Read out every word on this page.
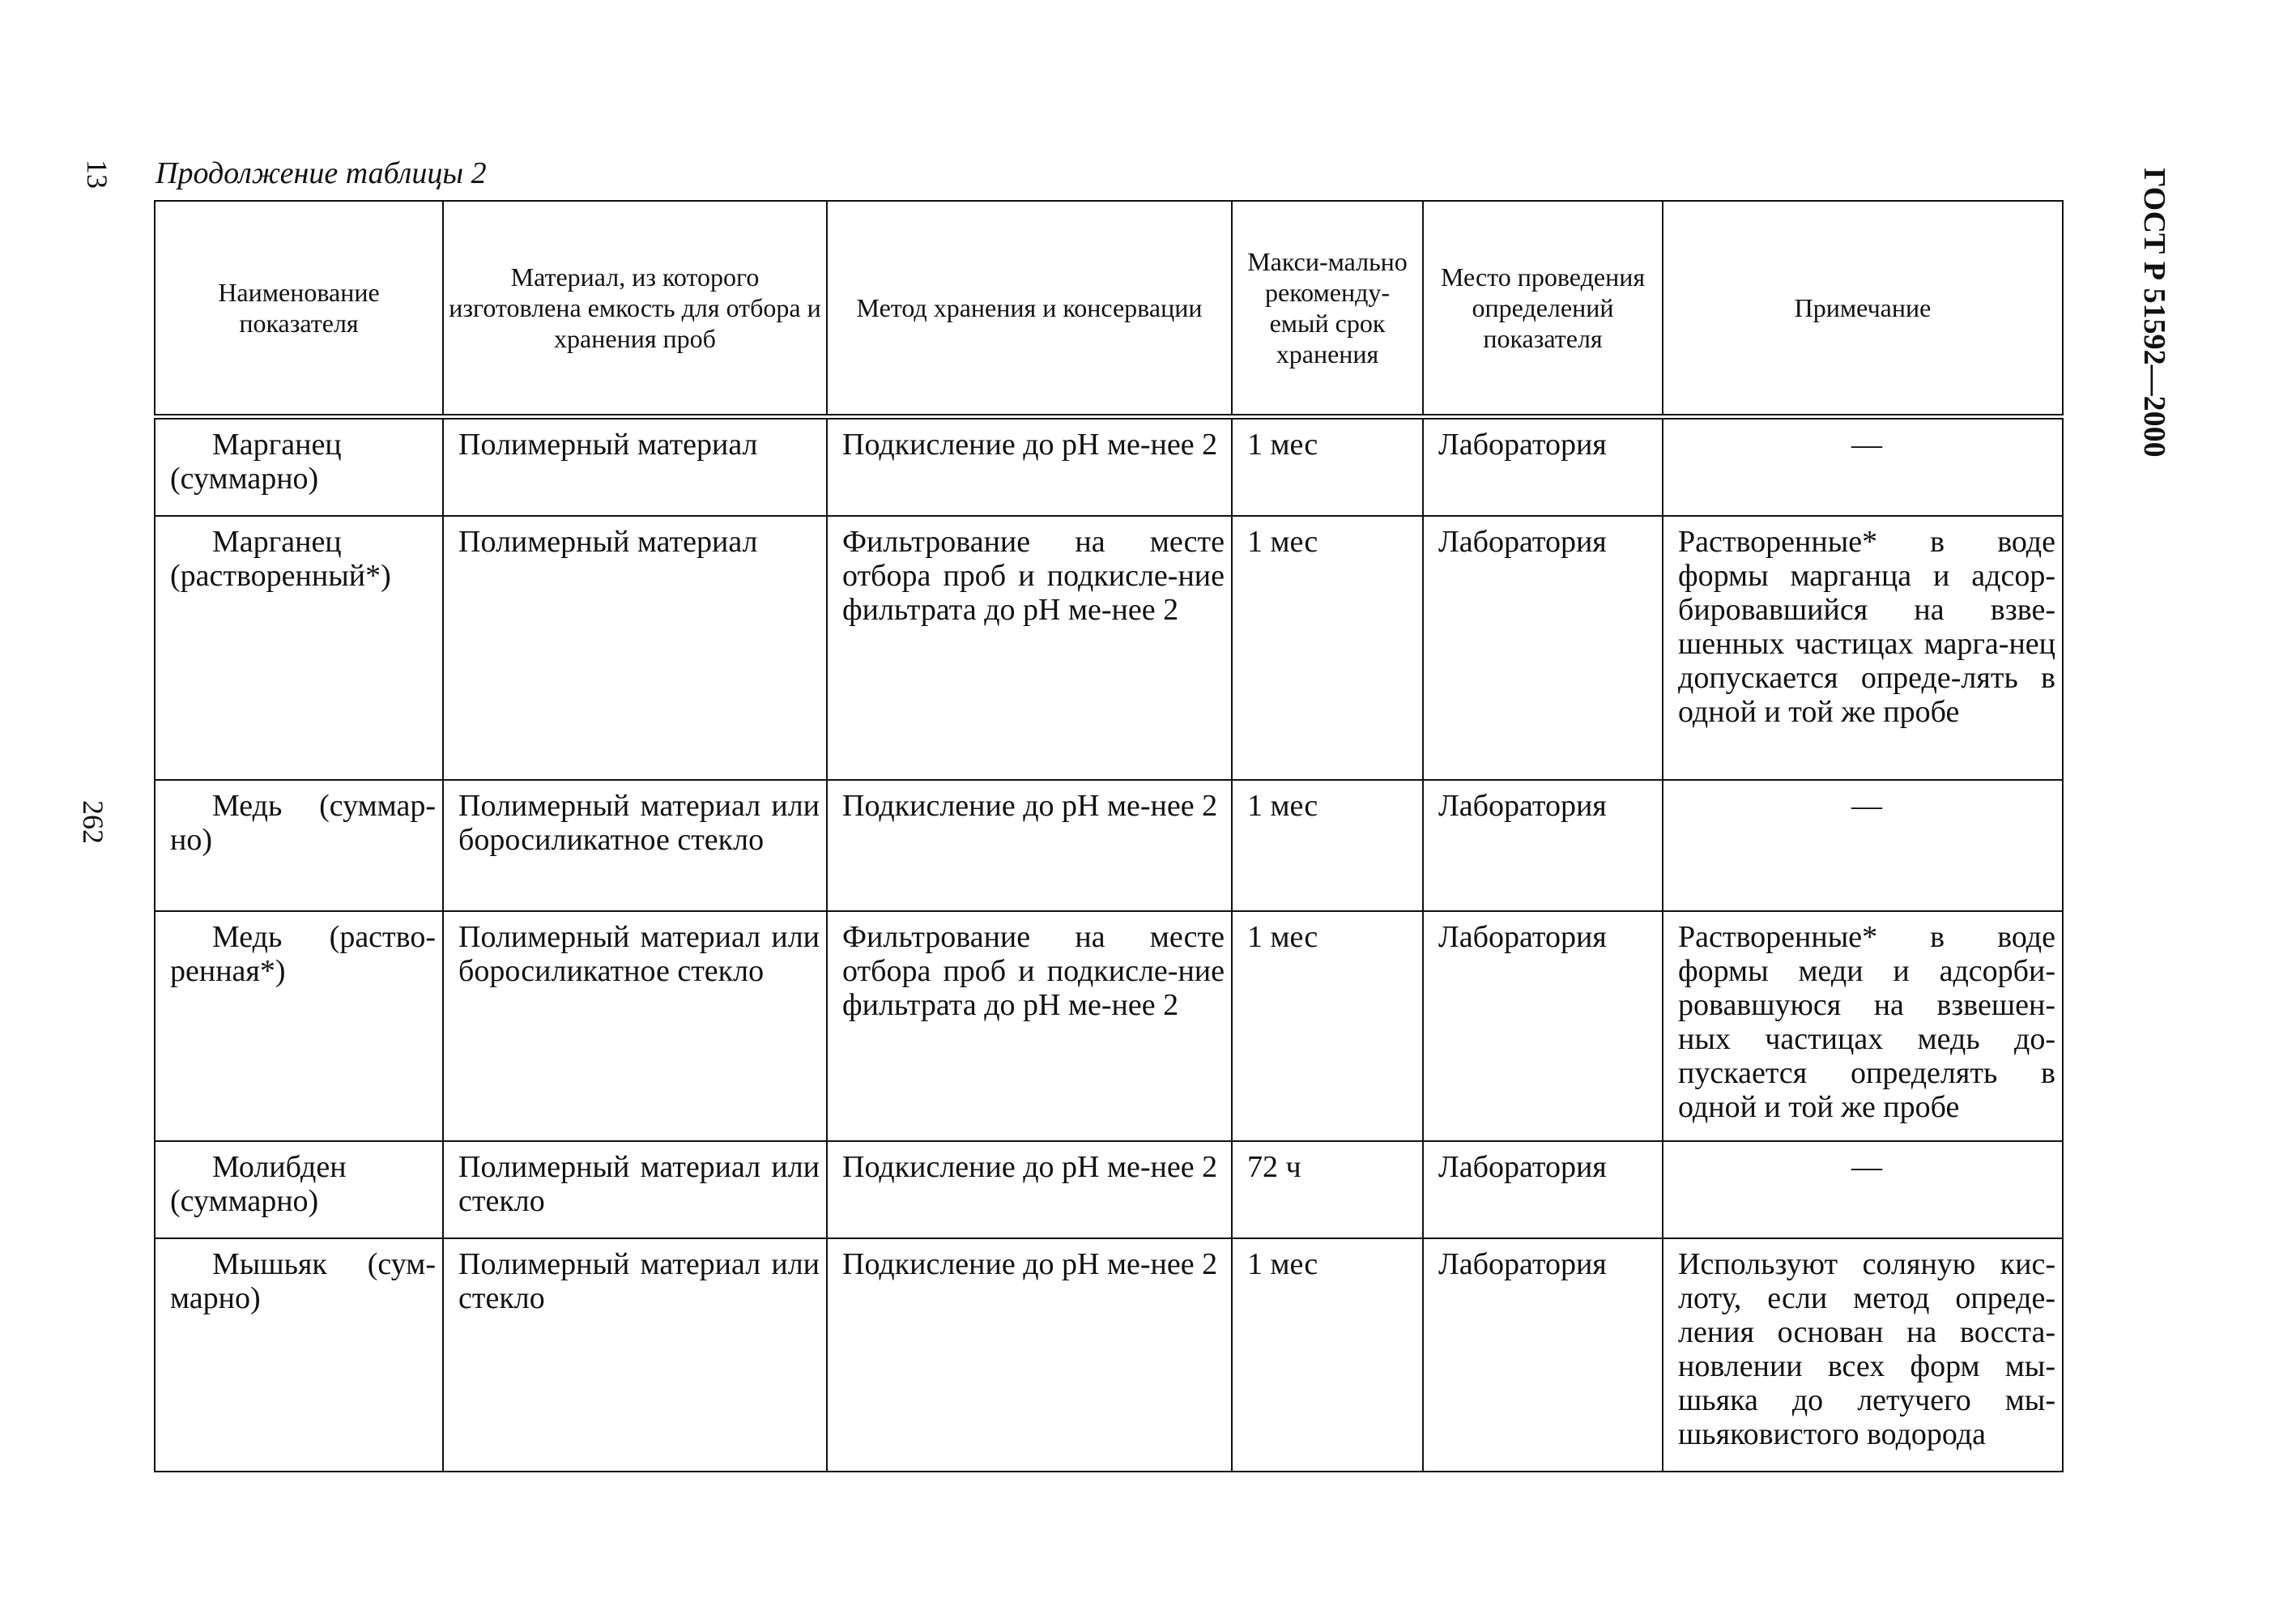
13
262
ГОСТ Р 51592—2000
Продолжение таблицы 2
Наименование показателя	Материал, из которого изготовлена емкость для отбора и хранения проб	Метод хранения и консервации	Макси-мально рекоменду-емый срок хранения	Место проведения определений показателя	Примечание
Марганец (суммарно)	Полимерный материал	Подкисление до pH ме-нее 2	1 мес	Лаборатория	—
Марганец (растворенный*)	Полимерный материал	Фильтрование на месте отбора проб и подкисле-ние фильтрата до pH ме-нее 2	1 мес	Лаборатория	Растворенные* в воде формы марганца и адсор-бировавшийся на взве-шенных частицах марга-нец допускается опреде-лять в одной и той же пробе
Медь (суммар-но)	Полимерный материал или боросиликатное стекло	Подкисление до pH ме-нее 2	1 мес	Лаборатория	—
Медь (раство-ренная*)	Полимерный материал или боросиликатное стекло	Фильтрование на месте отбора проб и подкисле-ние фильтрата до pH ме-нее 2	1 мес	Лаборатория	Растворенные* в воде формы меди и адсорби-ровавшуюся на взвешен-ных частицах медь до-пускается определять в одной и той же пробе
Молибден (суммарно)	Полимерный материал или стекло	Подкисление до pH ме-нее 2	72 ч	Лаборатория	—
Мышьяк (сум-марно)	Полимерный материал или стекло	Подкисление до pH ме-нее 2	1 мес	Лаборатория	Используют соляную кис-лоту, если метод опреде-ления основан на восста-новлении всех форм мы-шьяка до летучего мы-шьяковистого водорода
